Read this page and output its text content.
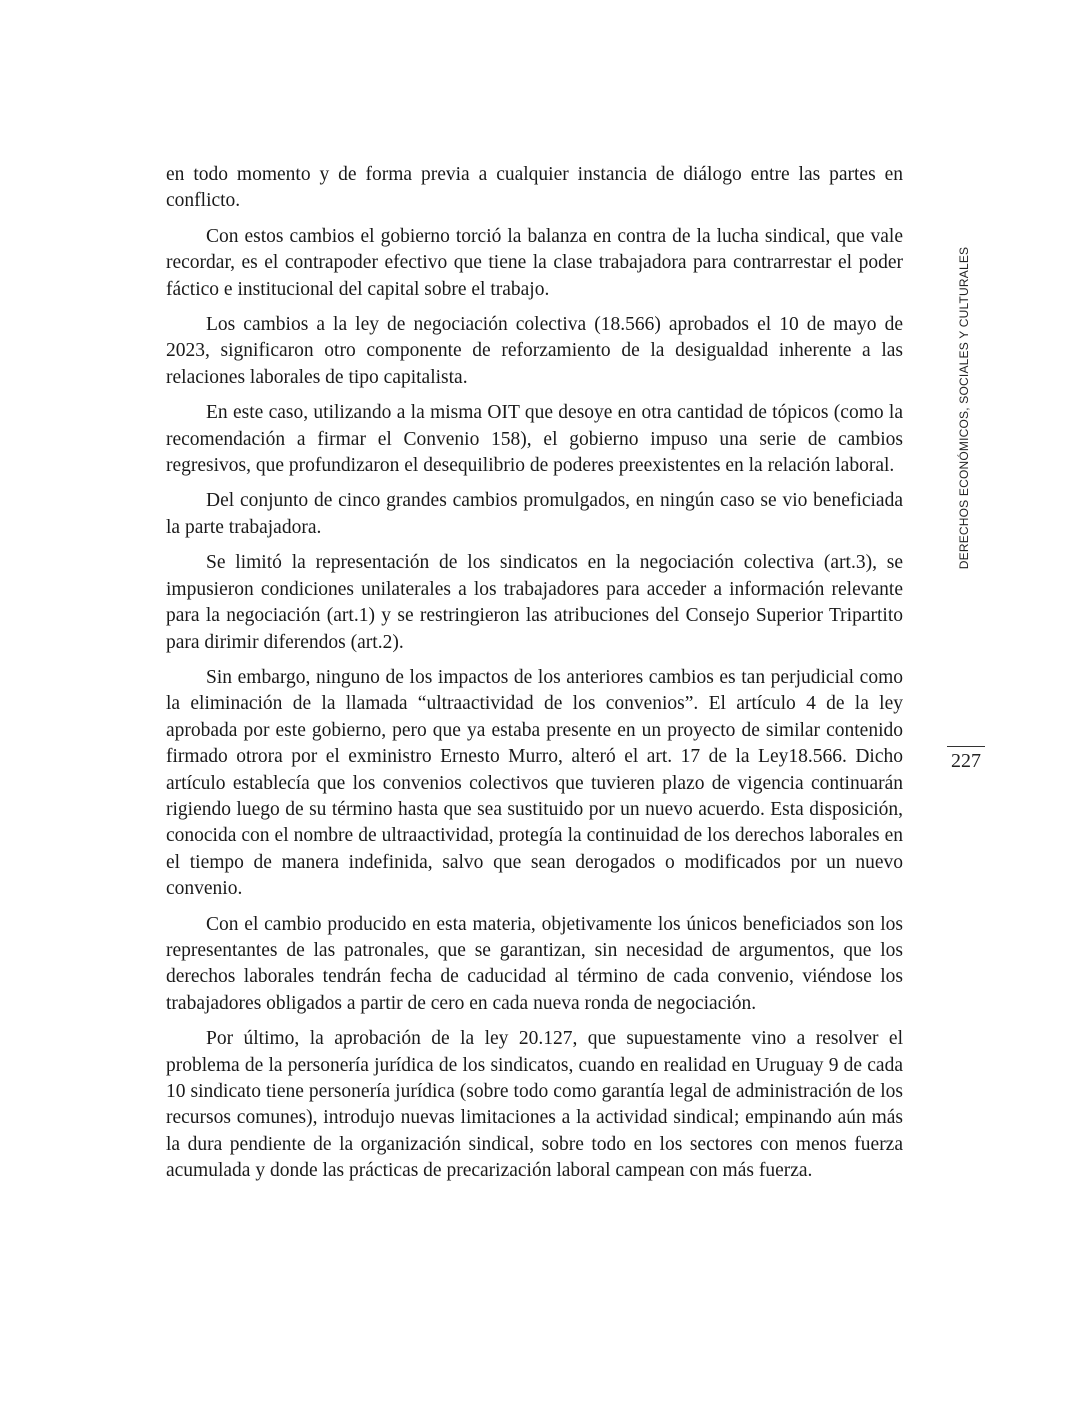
en todo momento y de forma previa a cualquier instancia de diálogo entre las partes en conflicto.

Con estos cambios el gobierno torció la balanza en contra de la lucha sindical, que vale recordar, es el contrapoder efectivo que tiene la clase trabajadora para contrarrestar el poder fáctico e institucional del capital sobre el trabajo.

Los cambios a la ley de negociación colectiva (18.566) aprobados el 10 de mayo de 2023, significaron otro componente de reforzamiento de la desigualdad inherente a las relaciones laborales de tipo capitalista.

En este caso, utilizando a la misma OIT que desoye en otra cantidad de tópicos (como la recomendación a firmar el Convenio 158), el gobierno impuso una serie de cambios regresivos, que profundizaron el desequilibrio de poderes preexistentes en la relación laboral.

Del conjunto de cinco grandes cambios promulgados, en ningún caso se vio beneficiada la parte trabajadora.

Se limitó la representación de los sindicatos en la negociación colectiva (art.3), se impusieron condiciones unilaterales a los trabajadores para acceder a información relevante para la negociación (art.1) y se restringieron las atribuciones del Consejo Superior Tripartito para dirimir diferendos (art.2).

Sin embargo, ninguno de los impactos de los anteriores cambios es tan perjudicial como la eliminación de la llamada “ultraactividad de los convenios”. El artículo 4 de la ley aprobada por este gobierno, pero que ya estaba presente en un proyecto de similar contenido firmado otrora por el exministro Ernesto Murro, alteró el art. 17 de la Ley18.566. Dicho artículo establecía que los convenios colectivos que tuvieren plazo de vigencia continuarán rigiendo luego de su término hasta que sea sustituido por un nuevo acuerdo. Esta disposición, conocida con el nombre de ultraactividad, protegía la continuidad de los derechos laborales en el tiempo de manera indefinida, salvo que sean derogados o modificados por un nuevo convenio.

Con el cambio producido en esta materia, objetivamente los únicos beneficiados son los representantes de las patronales, que se garantizan, sin necesidad de argumentos, que los derechos laborales tendrán fecha de caducidad al término de cada convenio, viéndose los trabajadores obligados a partir de cero en cada nueva ronda de negociación.

Por último, la aprobación de la ley 20.127, que supuestamente vino a resolver el problema de la personería jurídica de los sindicatos, cuando en realidad en Uruguay 9 de cada 10 sindicato tiene personería jurídica (sobre todo como garantía legal de administración de los recursos comunes), introdujo nuevas limitaciones a la actividad sindical; empinando aún más la dura pendiente de la organización sindical, sobre todo en los sectores con menos fuerza acumulada y donde las prácticas de precarización laboral campean con más fuerza.

DERECHOS ECONÓMICOS, SOCIALES Y CULTURALES
227
